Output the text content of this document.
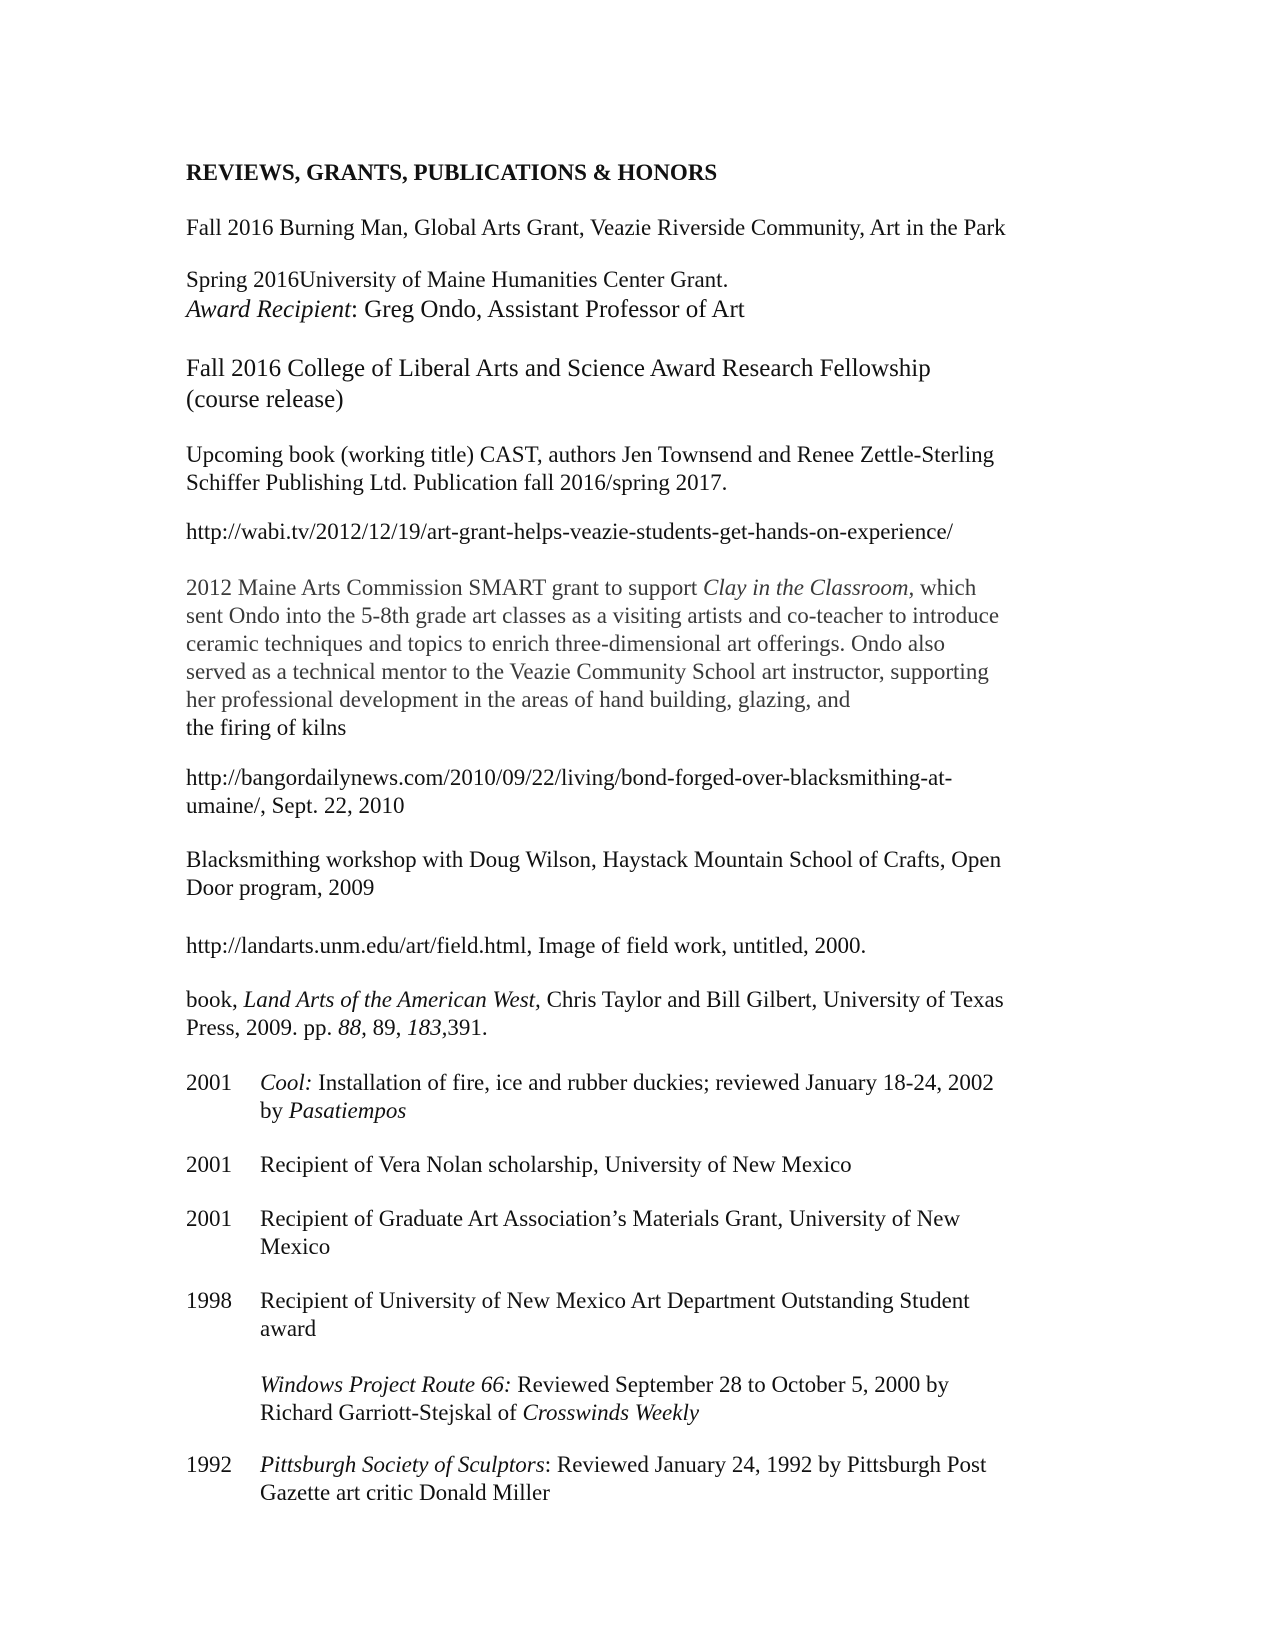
REVIEWS, GRANTS, PUBLICATIONS & HONORS
Fall 2016 Burning Man, Global Arts Grant, Veazie Riverside Community, Art in the Park
Spring 2016University of Maine Humanities Center Grant.
Award Recipient: Greg Ondo, Assistant Professor of Art
Fall 2016 College of Liberal Arts and Science Award Research Fellowship
(course release)
Upcoming book (working title) CAST, authors Jen Townsend and Renee Zettle-Sterling
Schiffer Publishing Ltd. Publication fall 2016/spring 2017.
http://wabi.tv/2012/12/19/art-grant-helps-veazie-students-get-hands-on-experience/
2012 Maine Arts Commission SMART grant to support Clay in the Classroom, which
sent Ondo into the 5-8th grade art classes as a visiting artists and co-teacher to introduce
ceramic techniques and topics to enrich three-dimensional art offerings. Ondo also
served as a technical mentor to the Veazie Community School art instructor, supporting
her professional development in the areas of hand building, glazing, and
the firing of kilns
http://bangordailynews.com/2010/09/22/living/bond-forged-over-blacksmithing-at-
umaine/, Sept. 22, 2010
Blacksmithing workshop with Doug Wilson, Haystack Mountain School of Crafts, Open
Door program, 2009
http://landarts.unm.edu/art/field.html, Image of field work, untitled, 2000.
book, Land Arts of the American West, Chris Taylor and Bill Gilbert, University of Texas
Press, 2009. pp. 88, 89, 183,391.
2001 Cool: Installation of fire, ice and rubber duckies; reviewed January 18-24, 2002
by Pasatiempos
2001 Recipient of Vera Nolan scholarship, University of New Mexico
2001 Recipient of Graduate Art Association’s Materials Grant, University of New
Mexico
1998 Recipient of University of New Mexico Art Department Outstanding Student
award
Windows Project Route 66: Reviewed September 28 to October 5, 2000 by
Richard Garriott-Stejskal of Crosswinds Weekly
1992 Pittsburgh Society of Sculptors: Reviewed January 24, 1992 by Pittsburgh Post
Gazette art critic Donald Miller
